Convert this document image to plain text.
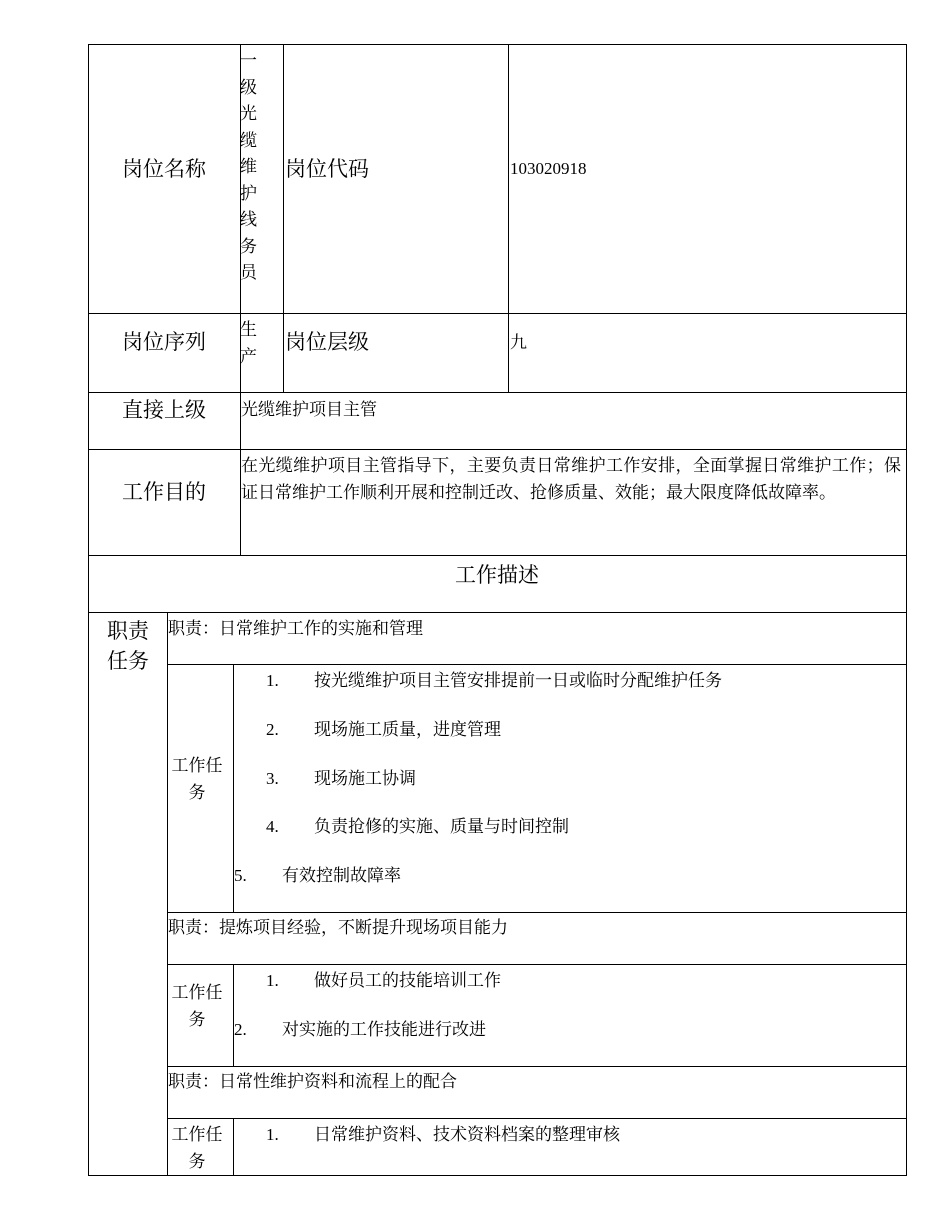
岗位名称
一级光缆维护线务员
岗位代码	103020918
岗位序列
生产
岗位层级	九
直接上级 光缆维护项目主管
工作目的
在光缆维护项目主管指导下，主要负责日常维护工作安排，全面掌握日常维护工作；保证日常维护工作顺利开展和控制迁改、抢修质量、效能；最大限度降低故障率。
工作描述
职责任务
职责：日常维护工作的实施和管理
工作任务
1. 按光缆维护项目主管安排提前一日或临时分配维护任务
2. 现场施工质量，进度管理
3. 现场施工协调
4. 负责抢修的实施、质量与时间控制
5. 有效控制故障率
职责：提炼项目经验，不断提升现场项目能力
工作任务
1. 做好员工的技能培训工作
2. 对实施的工作技能进行改进
职责：日常性维护资料和流程上的配合
工作任务
1. 日常维护资料、技术资料档案的整理审核
